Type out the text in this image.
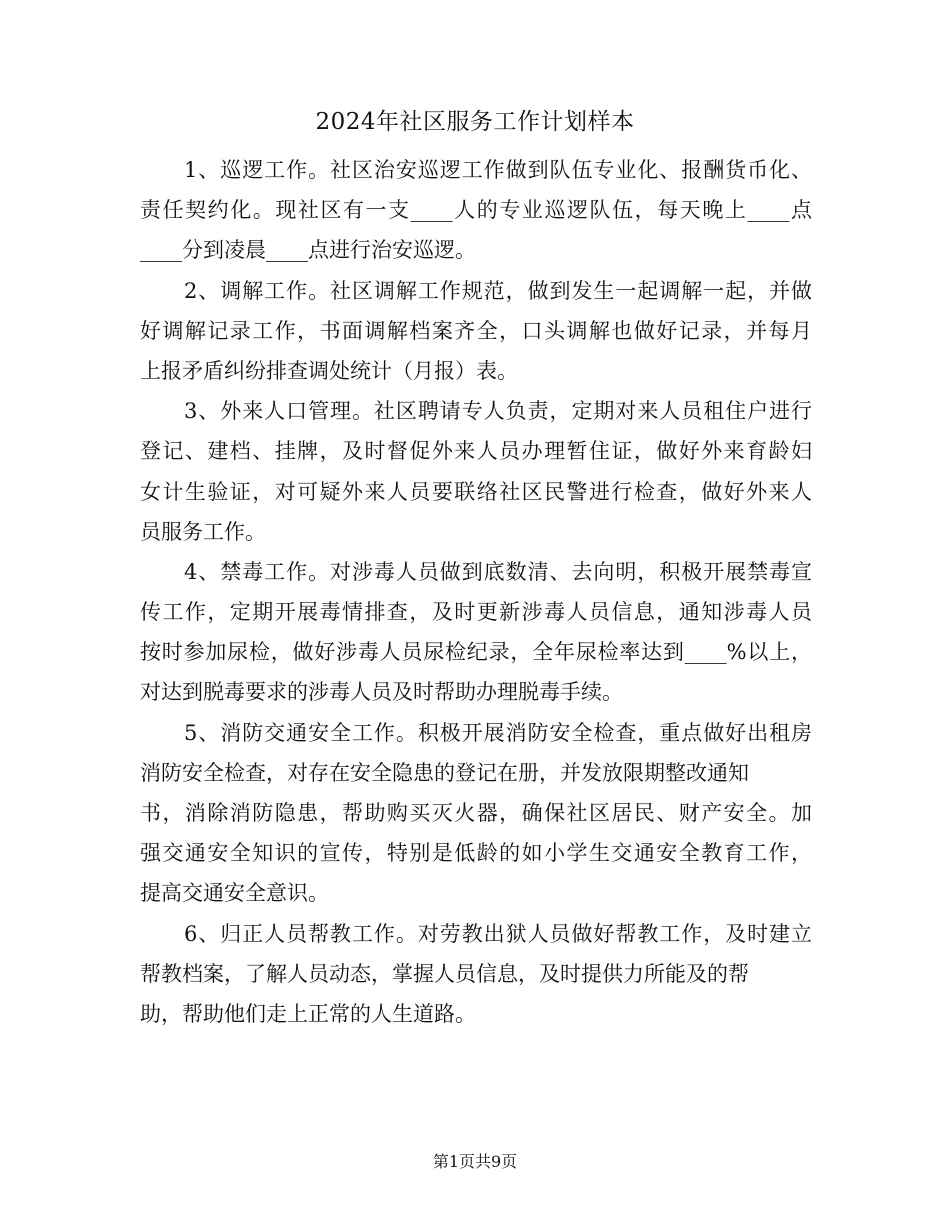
2024年社区服务工作计划样本
1、巡逻工作。社区治安巡逻工作做到队伍专业化、报酬货币化、
责任契约化。现社区有一支____人的专业巡逻队伍，每天晚上____点
____分到凌晨____点进行治安巡逻。
2、调解工作。社区调解工作规范，做到发生一起调解一起，并做
好调解记录工作，书面调解档案齐全，口头调解也做好记录，并每月
上报矛盾纠纷排查调处统计（月报）表。
3、外来人口管理。社区聘请专人负责，定期对来人员租住户进行
登记、建档、挂牌，及时督促外来人员办理暂住证，做好外来育龄妇
女计生验证，对可疑外来人员要联络社区民警进行检查，做好外来人
员服务工作。
4、禁毒工作。对涉毒人员做到底数清、去向明，积极开展禁毒宣
传工作，定期开展毒情排查，及时更新涉毒人员信息，通知涉毒人员
按时参加尿检，做好涉毒人员尿检纪录，全年尿检率达到____%以上，
对达到脱毒要求的涉毒人员及时帮助办理脱毒手续。
5、消防交通安全工作。积极开展消防安全检查，重点做好出租房
消防安全检查，对存在安全隐患的登记在册，并发放限期整改通知
书，消除消防隐患，帮助购买灭火器，确保社区居民、财产安全。加
强交通安全知识的宣传，特别是低龄的如小学生交通安全教育工作，
提高交通安全意识。
6、归正人员帮教工作。对劳教出狱人员做好帮教工作，及时建立
帮教档案，了解人员动态，掌握人员信息，及时提供力所能及的帮
助，帮助他们走上正常的人生道路。
第1页共9页
